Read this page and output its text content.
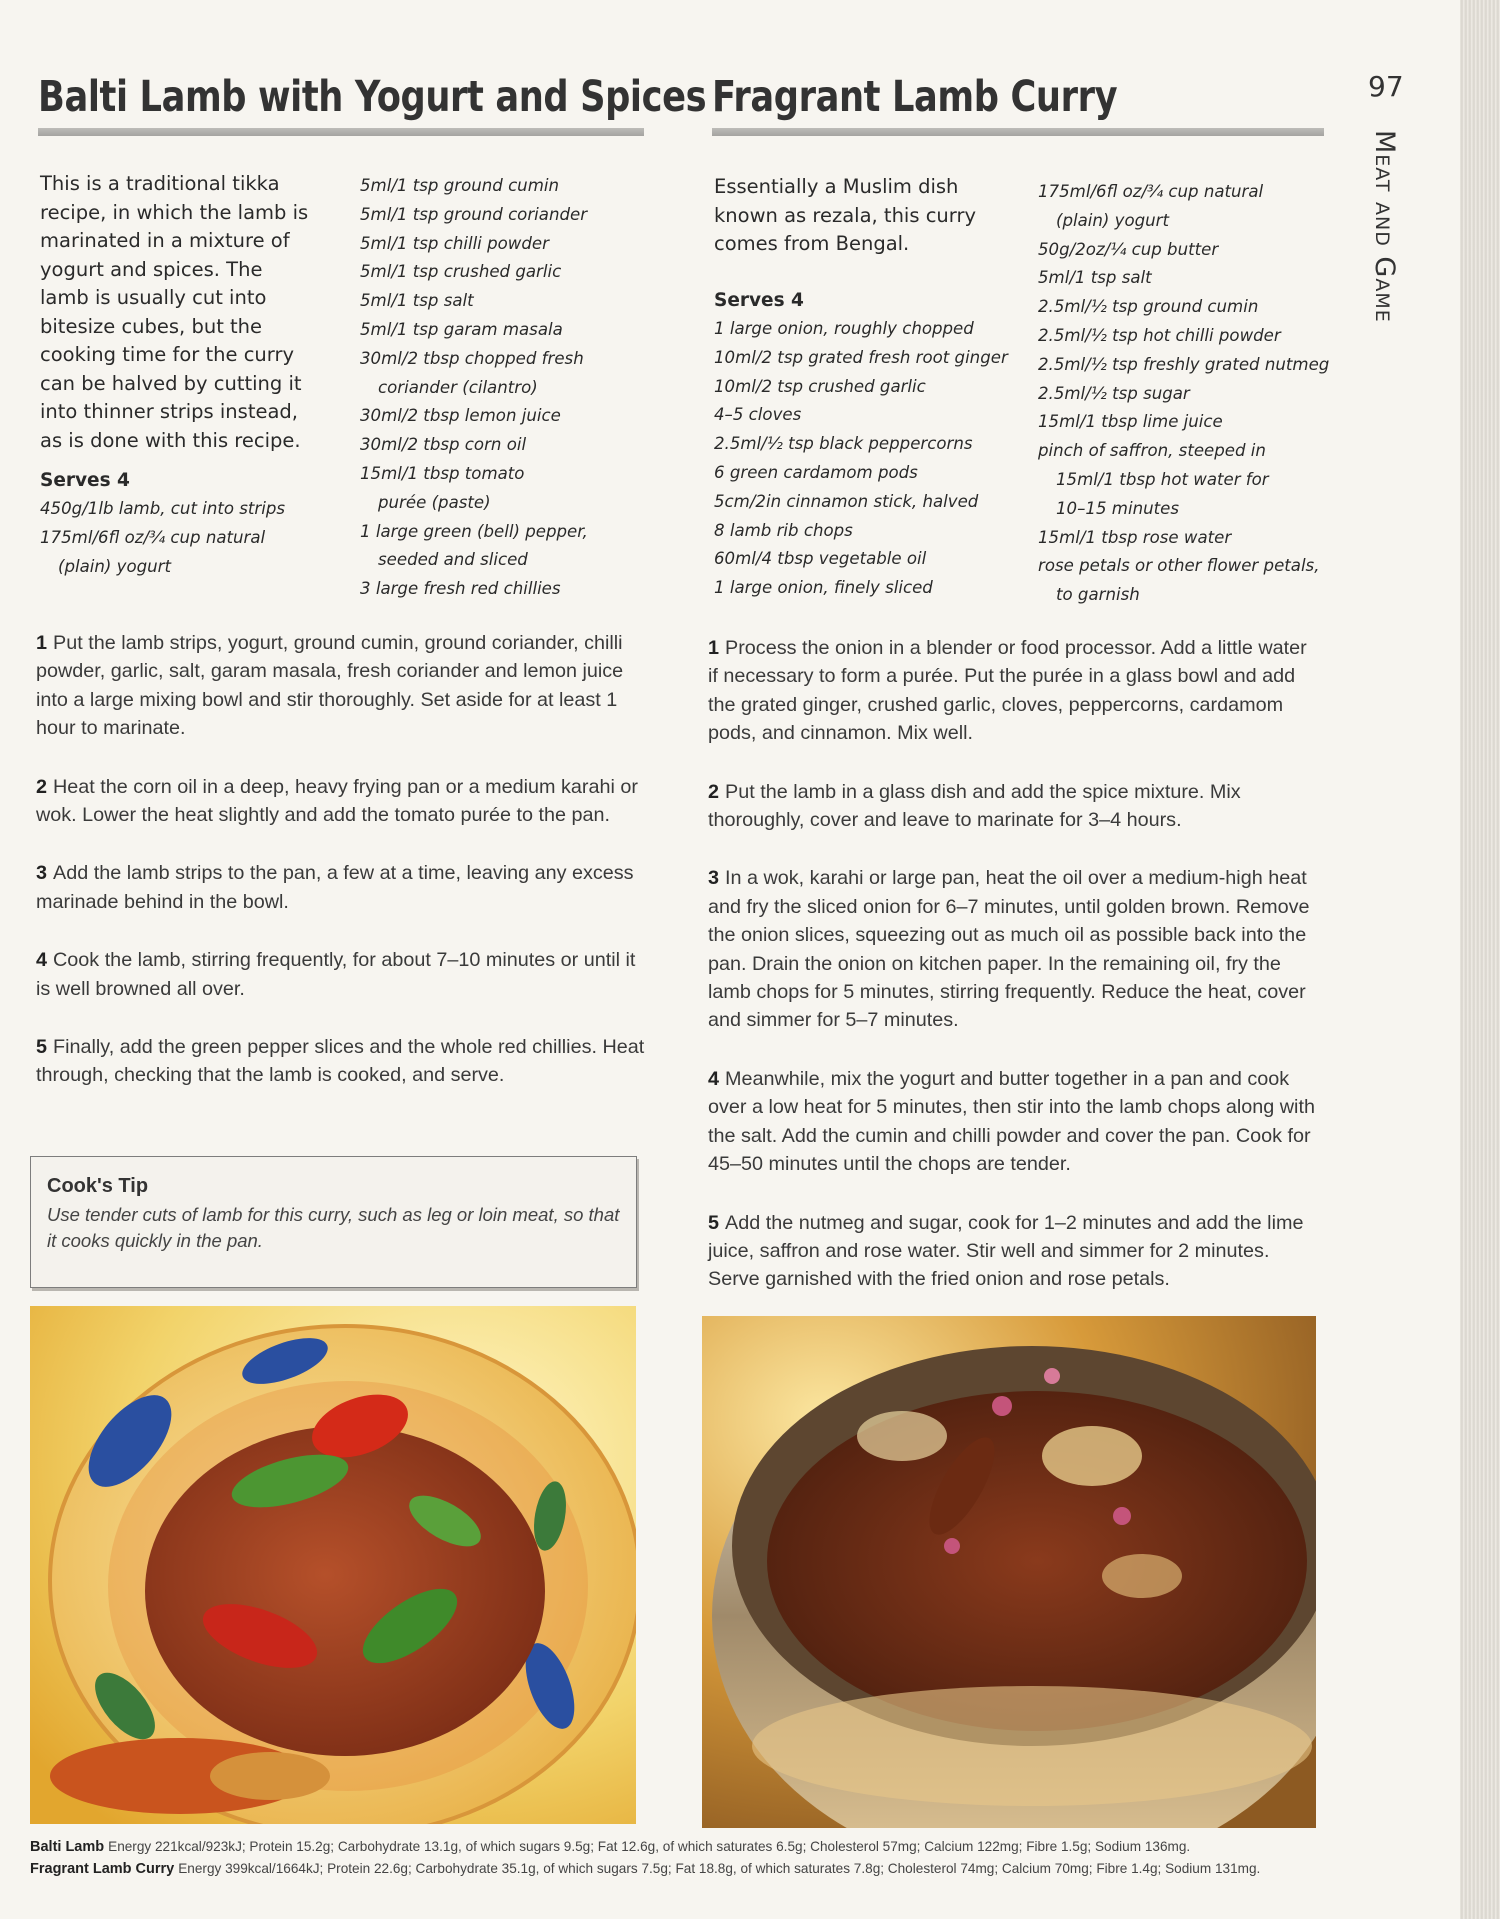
97
Meat and Game
Balti Lamb with Yogurt and Spices
This is a traditional tikka recipe, in which the lamb is marinated in a mixture of yogurt and spices. The lamb is usually cut into bitesize cubes, but the cooking time for the curry can be halved by cutting it into thinner strips instead, as is done with this recipe.
Serves 4
450g/1lb lamb, cut into strips
175ml/6fl oz/¾ cup natural
(plain) yogurt
5ml/1 tsp ground cumin
5ml/1 tsp ground coriander
5ml/1 tsp chilli powder
5ml/1 tsp crushed garlic
5ml/1 tsp salt
5ml/1 tsp garam masala
30ml/2 tbsp chopped fresh
coriander (cilantro)
30ml/2 tbsp lemon juice
30ml/2 tbsp corn oil
15ml/1 tbsp tomato
purée (paste)
1 large green (bell) pepper,
seeded and sliced
3 large fresh red chillies

1 Put the lamb strips, yogurt, ground cumin, ground coriander, chilli powder, garlic, salt, garam masala, fresh coriander and lemon juice into a large mixing bowl and stir thoroughly. Set aside for at least 1 hour to marinate.

2 Heat the corn oil in a deep, heavy frying pan or a medium karahi or wok. Lower the heat slightly and add the tomato purée to the pan.

3 Add the lamb strips to the pan, a few at a time, leaving any excess marinade behind in the bowl.

4 Cook the lamb, stirring frequently, for about 7–10 minutes or until it is well browned all over.

5 Finally, add the green pepper slices and the whole red chillies. Heat through, checking that the lamb is cooked, and serve.

Cook's Tip
Use tender cuts of lamb for this curry, such as leg or loin meat, so that it cooks quickly in the pan.
Fragrant Lamb Curry
Essentially a Muslim dish known as rezala, this curry comes from Bengal.
Serves 4
1 large onion, roughly chopped
10ml/2 tsp grated fresh root ginger
10ml/2 tsp crushed garlic
4–5 cloves
2.5ml/½ tsp black peppercorns
6 green cardamom pods
5cm/2in cinnamon stick, halved
8 lamb rib chops
60ml/4 tbsp vegetable oil
1 large onion, finely sliced
175ml/6fl oz/¾ cup natural
(plain) yogurt
50g/2oz/¼ cup butter
5ml/1 tsp salt
2.5ml/½ tsp ground cumin
2.5ml/½ tsp hot chilli powder
2.5ml/½ tsp freshly grated nutmeg
2.5ml/½ tsp sugar
15ml/1 tbsp lime juice
pinch of saffron, steeped in
15ml/1 tbsp hot water for
10–15 minutes
15ml/1 tbsp rose water
rose petals or other flower petals,
to garnish

1 Process the onion in a blender or food processor. Add a little water if necessary to form a purée. Put the purée in a glass bowl and add the grated ginger, crushed garlic, cloves, peppercorns, cardamom pods, and cinnamon. Mix well.

2 Put the lamb in a glass dish and add the spice mixture. Mix thoroughly, cover and leave to marinate for 3–4 hours.

3 In a wok, karahi or large pan, heat the oil over a medium-high heat and fry the sliced onion for 6–7 minutes, until golden brown. Remove the onion slices, squeezing out as much oil as possible back into the pan. Drain the onion on kitchen paper. In the remaining oil, fry the lamb chops for 5 minutes, stirring frequently. Reduce the heat, cover and simmer for 5–7 minutes.

4 Meanwhile, mix the yogurt and butter together in a pan and cook over a low heat for 5 minutes, then stir into the lamb chops along with the salt. Add the cumin and chilli powder and cover the pan. Cook for 45–50 minutes until the chops are tender.

5 Add the nutmeg and sugar, cook for 1–2 minutes and add the lime juice, saffron and rose water. Stir well and simmer for 2 minutes. Serve garnished with the fried onion and rose petals.

Balti Lamb Energy 221kcal/923kJ; Protein 15.2g; Carbohydrate 13.1g, of which sugars 9.5g; Fat 12.6g, of which saturates 6.5g; Cholesterol 57mg; Calcium 122mg; Fibre 1.5g; Sodium 136mg.
Fragrant Lamb Curry Energy 399kcal/1664kJ; Protein 22.6g; Carbohydrate 35.1g, of which sugars 7.5g; Fat 18.8g, of which saturates 7.8g; Cholesterol 74mg; Calcium 70mg; Fibre 1.4g; Sodium 131mg.
